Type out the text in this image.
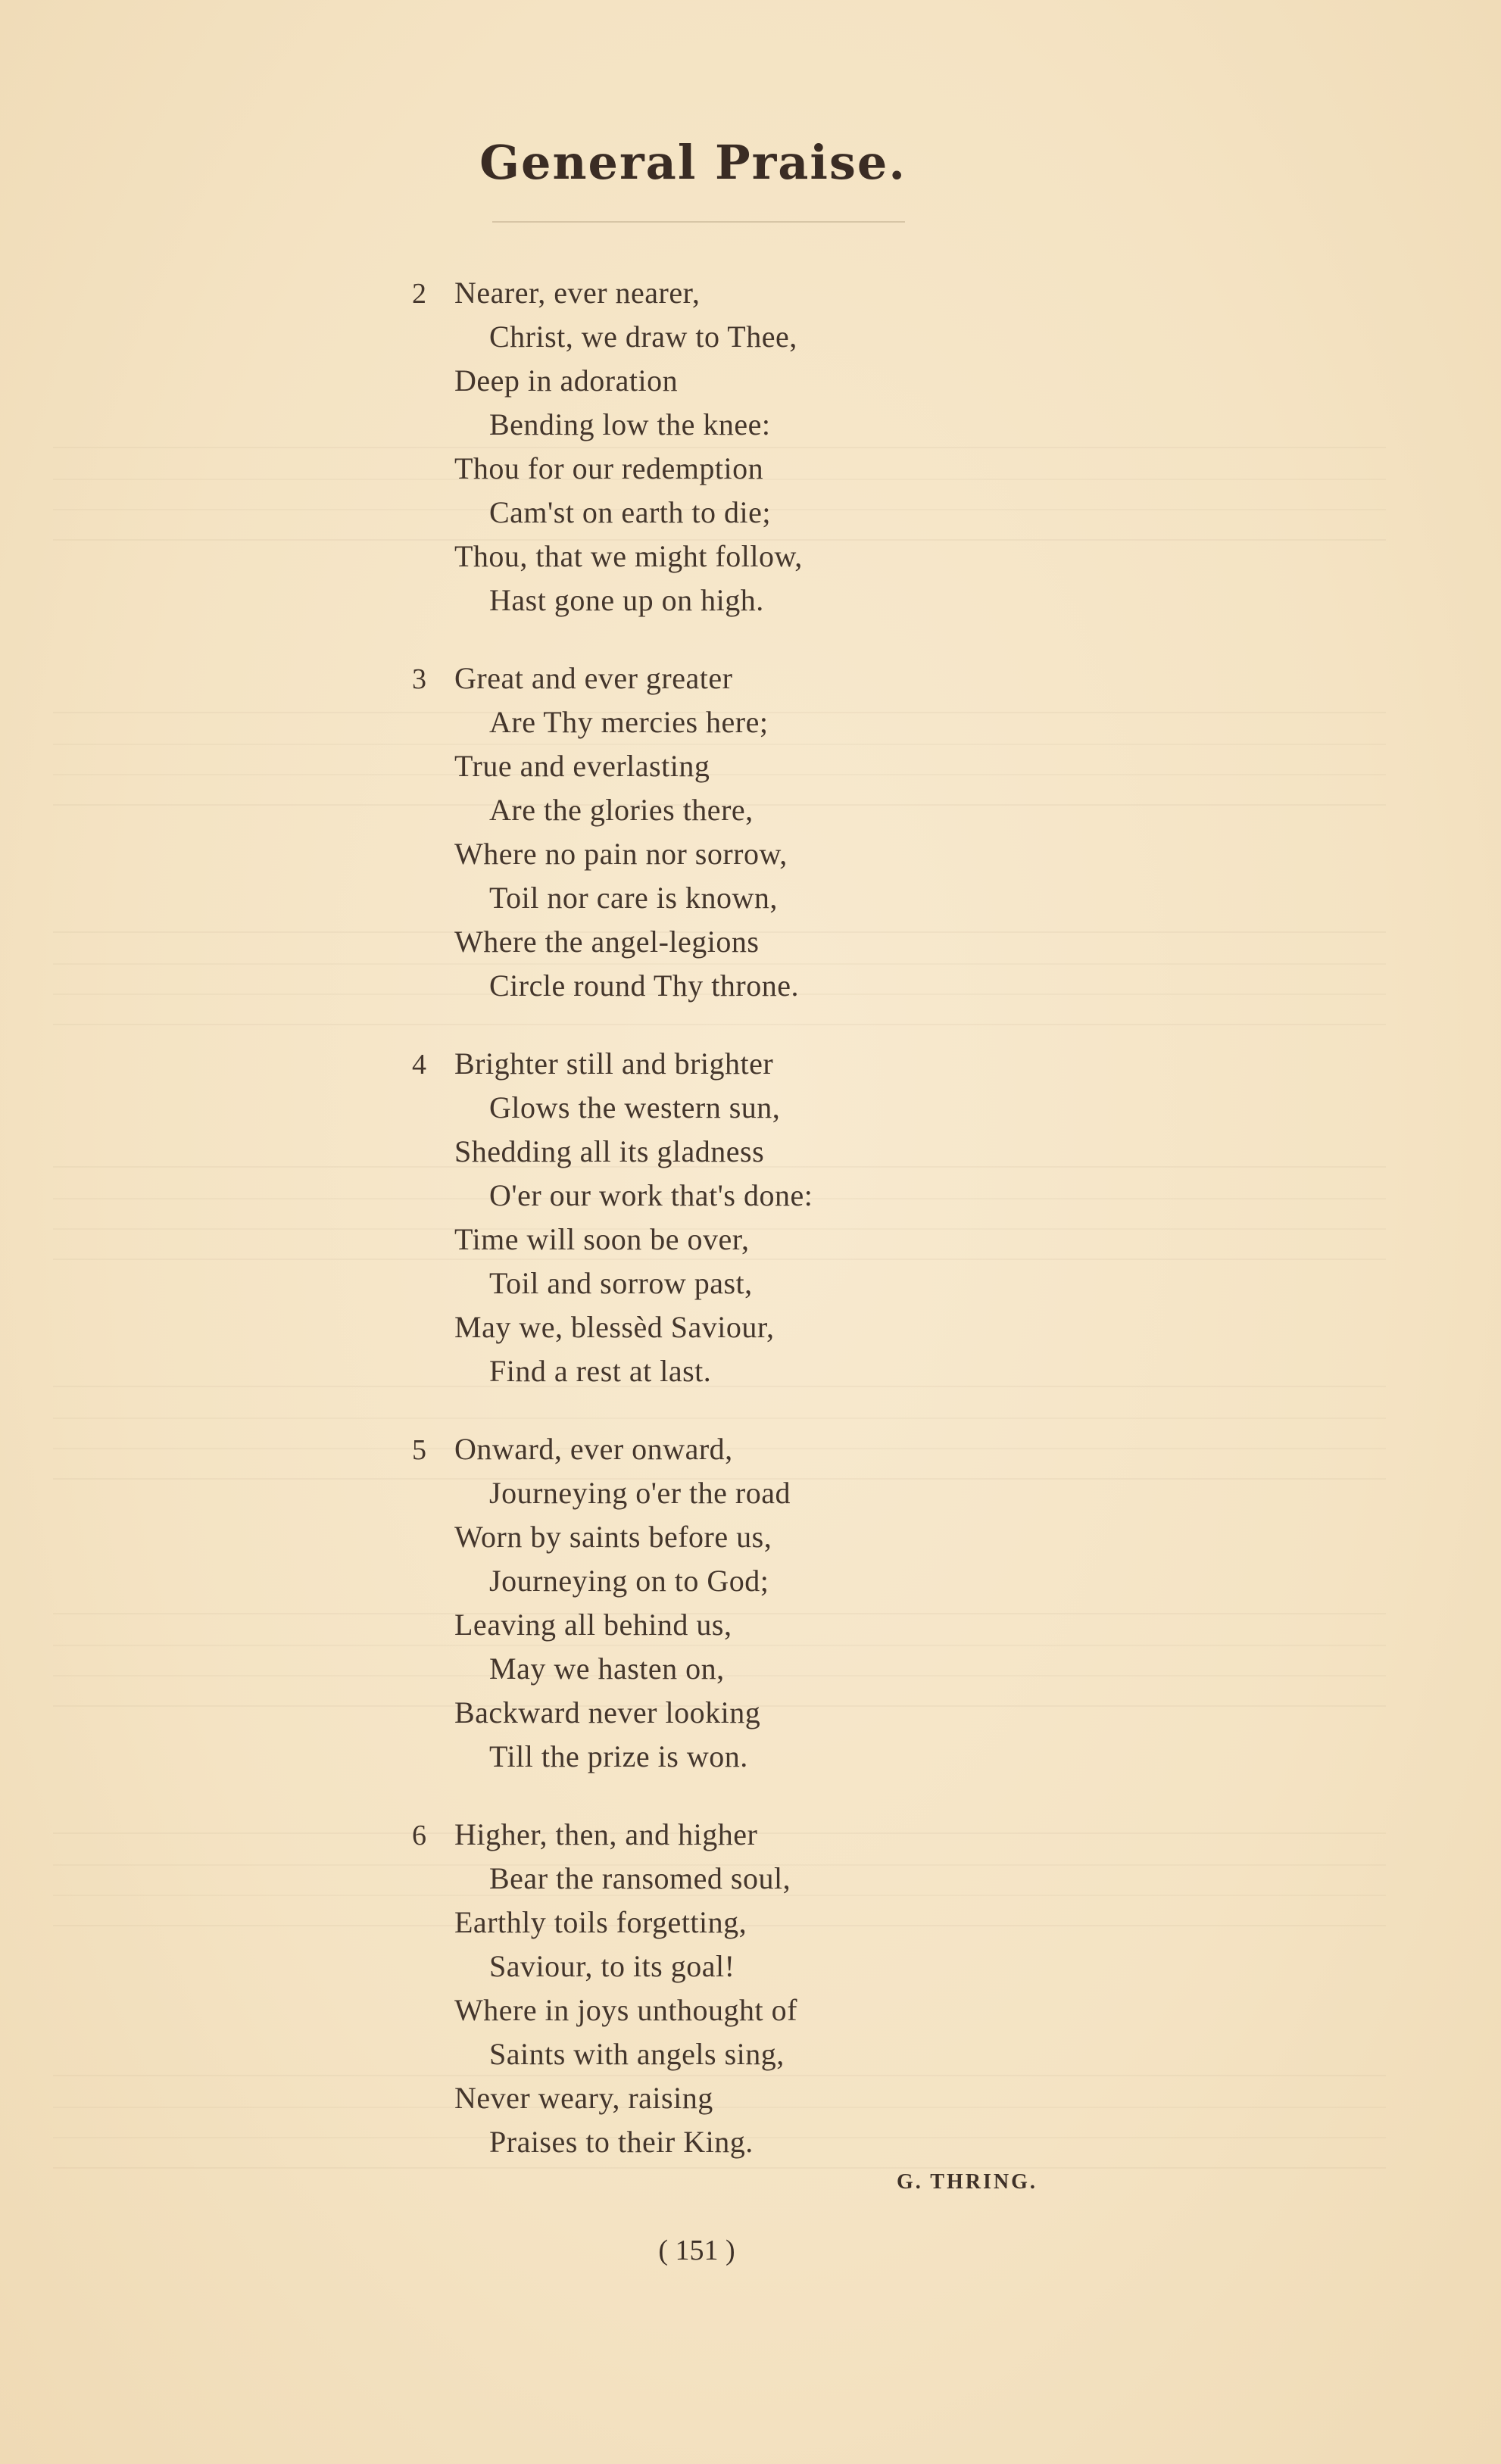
General Praise.
2 Nearer, ever nearer,
Christ, we draw to Thee,
Deep in adoration
Bending low the knee:
Thou for our redemption
Cam'st on earth to die;
Thou, that we might follow,
Hast gone up on high.
3 Great and ever greater
Are Thy mercies here;
True and everlasting
Are the glories there,
Where no pain nor sorrow,
Toil nor care is known,
Where the angel-legions
Circle round Thy throne.
4 Brighter still and brighter
Glows the western sun,
Shedding all its gladness
O'er our work that's done:
Time will soon be over,
Toil and sorrow past,
May we, blessèd Saviour,
Find a rest at last.
5 Onward, ever onward,
Journeying o'er the road
Worn by saints before us,
Journeying on to God;
Leaving all behind us,
May we hasten on,
Backward never looking
Till the prize is won.
6 Higher, then, and higher
Bear the ransomed soul,
Earthly toils forgetting,
Saviour, to its goal!
Where in joys unthought of
Saints with angels sing,
Never weary, raising
Praises to their King.
G. THRING.
( 151 )
